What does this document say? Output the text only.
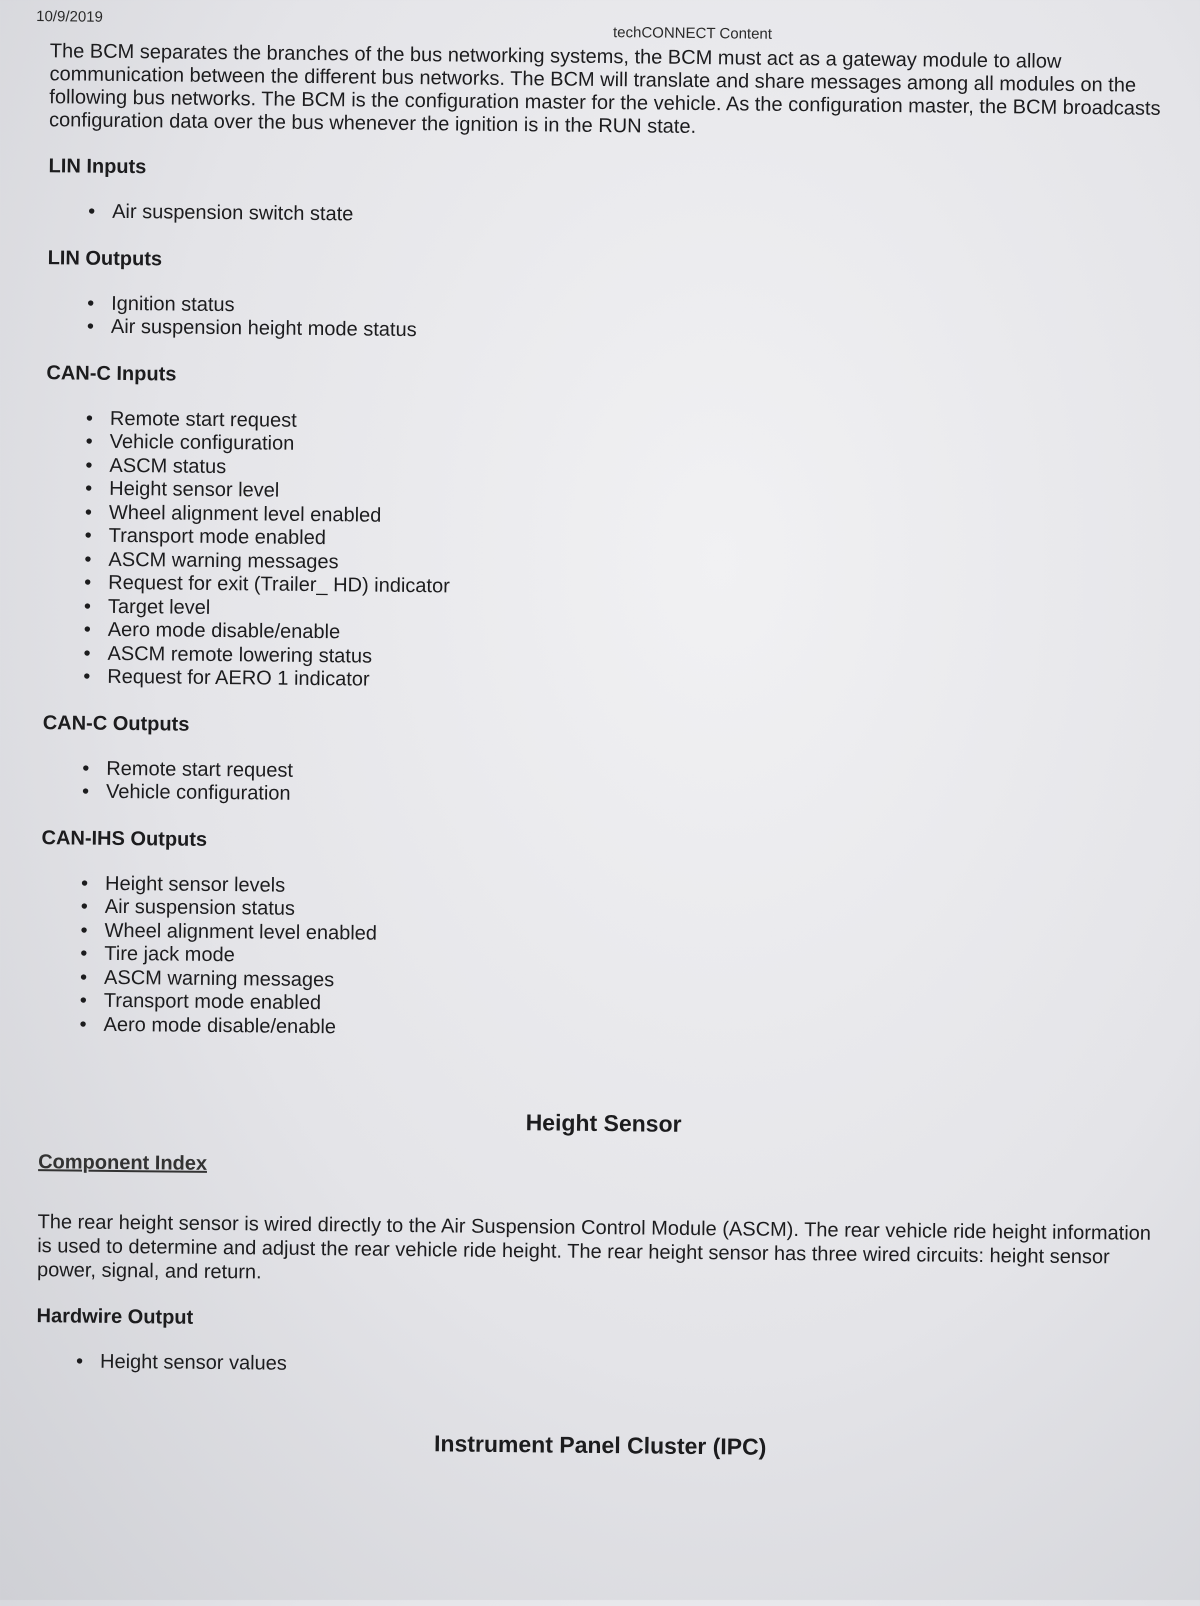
10/9/2019
techCONNECT Content

The BCM separates the branches of the bus networking systems, the BCM must act as a gateway module to allow communication between the different bus networks. The BCM will translate and share messages among all modules on the following bus networks. The BCM is the configuration master for the vehicle. As the configuration master, the BCM broadcasts configuration data over the bus whenever the ignition is in the RUN state.

LIN Inputs
• Air suspension switch state
LIN Outputs
• Ignition status
• Air suspension height mode status
CAN-C Inputs
• Remote start request
• Vehicle configuration
• ASCM status
• Height sensor level
• Wheel alignment level enabled
• Transport mode enabled
• ASCM warning messages
• Request for exit (Trailer_ HD) indicator
• Target level
• Aero mode disable/enable
• ASCM remote lowering status
• Request for AERO 1 indicator
CAN-C Outputs
• Remote start request
• Vehicle configuration
CAN-IHS Outputs
• Height sensor levels
• Air suspension status
• Wheel alignment level enabled
• Tire jack mode
• ASCM warning messages
• Transport mode enabled
• Aero mode disable/enable
Height Sensor
Component Index

The rear height sensor is wired directly to the Air Suspension Control Module (ASCM). The rear vehicle ride height information is used to determine and adjust the rear vehicle ride height. The rear height sensor has three wired circuits: height sensor power, signal, and return.

Hardwire Output
• Height sensor values
Instrument Panel Cluster (IPC)
